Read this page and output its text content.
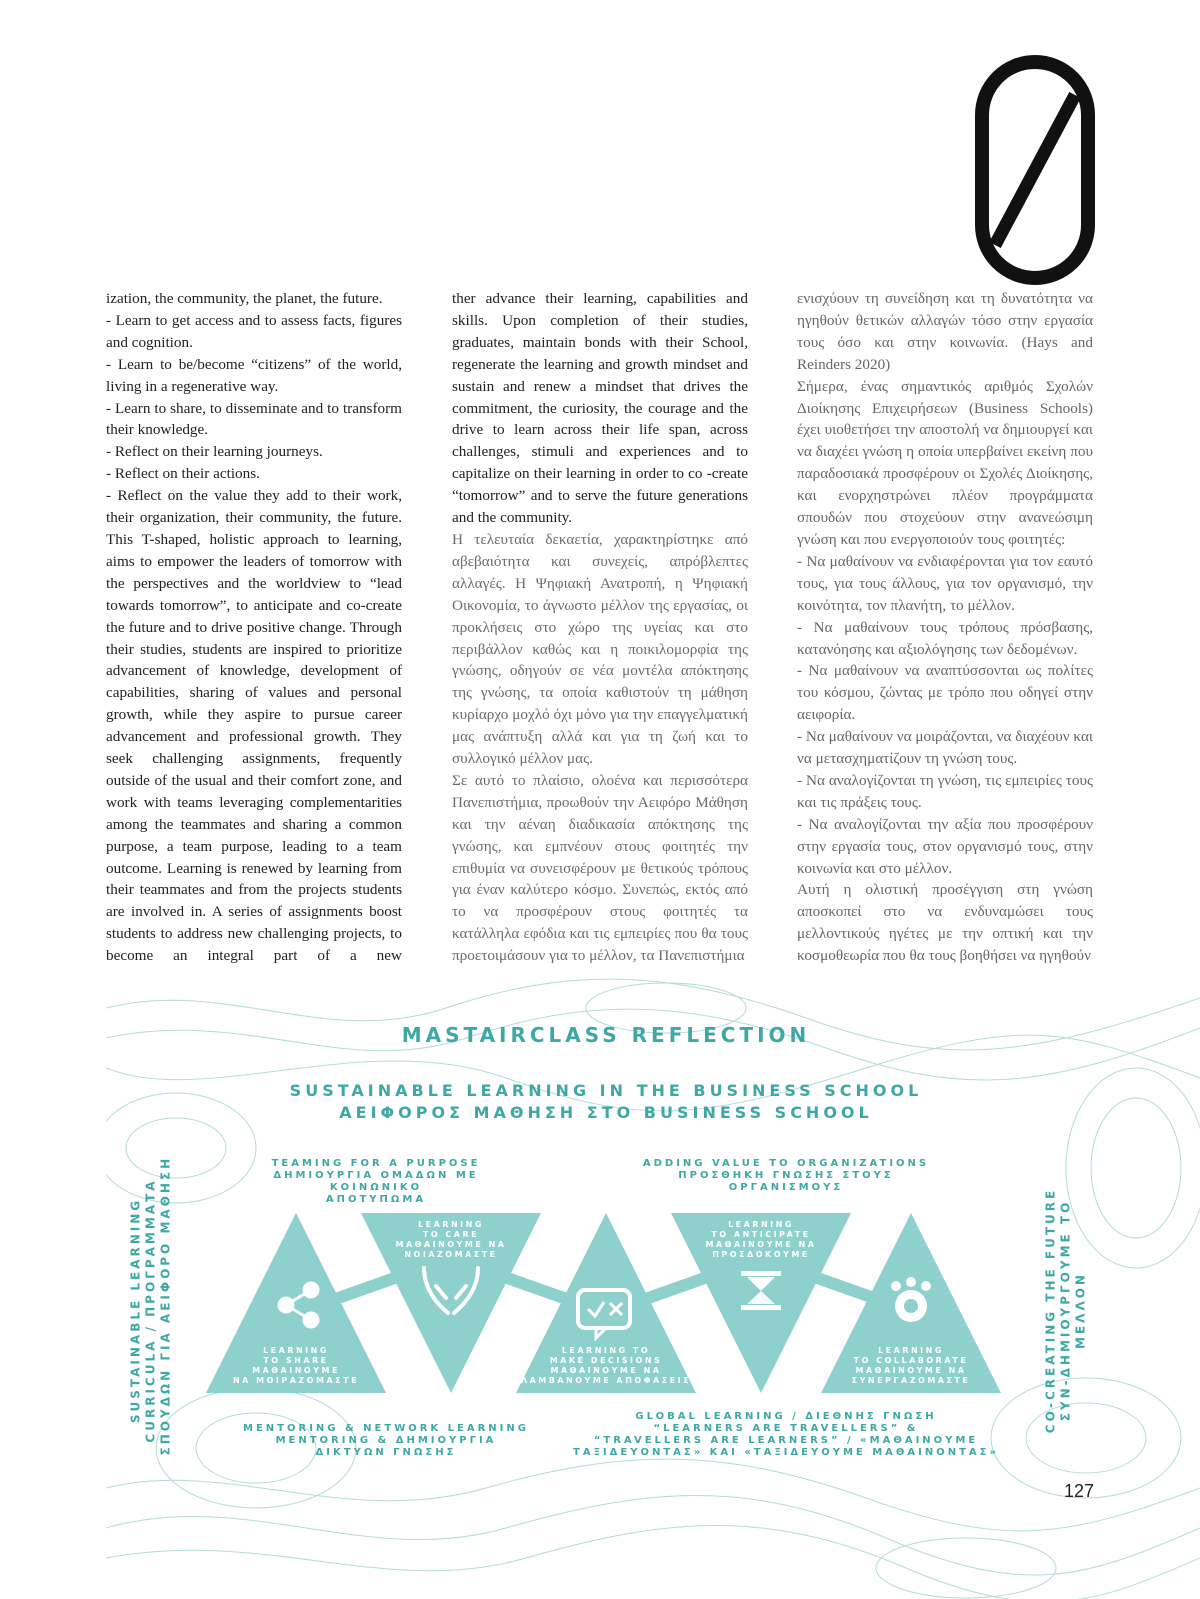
ization, the community, the planet, the future.

- Learn to get access and to assess facts, figures and cognition.

- Learn to be/become “citizens” of the world, living in a regenerative way.

- Learn to share, to disseminate and to transform their knowledge.

- Reflect on their learning journeys.

- Reflect on their actions.

- Reflect on the value they add to their work, their organization, their community, the future. This T-shaped, holistic approach to learning, aims to empower the leaders of tomorrow with the perspectives and the worldview to “lead towards tomorrow”, to anticipate and co-create the future and to drive positive change. Through their studies, students are inspired to prioritize advancement of knowledge, development of capabilities, sharing of values and personal growth, while they aspire to pursue career advancement and professional growth. They seek challenging assignments, frequently outside of the usual and their comfort zone, and work with teams leveraging complementarities among the teammates and sharing a common purpose, a team purpose, leading to a team outcome. Learning is renewed by learning from their teammates and from the projects students are involved in. A series of assignments boost students to address new challenging projects, to become an integral part of a new

ther advance their learning, capabilities and skills. Upon completion of their studies, graduates, maintain bonds with their School, regenerate the learning and growth mindset and sustain and renew a mindset that drives the commitment, the curiosity, the courage and the drive to learn across their life span, across challenges, stimuli and experiences and to capitalize on their learning in order to co -create “tomorrow” and to serve the future generations and the community.

Η τελευταία δεκαετία, χαρακτηρίστηκε από αβεβαιότητα και συνεχείς, απρόβλεπτες αλλαγές. Η Ψηφιακή Ανατροπή, η Ψηφιακή Οικονομία, το άγνωστο μέλλον της εργασίας, οι προκλήσεις στο χώρο της υγείας και στο περιβάλλον καθώς και η ποικιλομορφία της γνώσης, οδηγούν σε νέα μοντέλα απόκτησης της γνώσης, τα οποία καθιστούν τη μάθηση κυρίαρχο μοχλό όχι μόνο για την επαγγελματική μας ανάπτυξη αλλά και για τη ζωή και το συλλογικό μέλλον μας.

Σε αυτό το πλαίσιο, ολοένα και περισσότερα Πανεπιστήμια, προωθούν την Αειφόρο Μάθηση και την αέναη διαδικασία απόκτησης της γνώσης, και εμπνέουν στους φοιτητές την επιθυμία να συνεισφέρουν με θετικούς τρόπους για έναν καλύτερο κόσμο. Συνεπώς, εκτός από το να προσφέρουν στους φοιτητές τα κατάλληλα εφόδια και τις εμπειρίες που θα τους προετοιμάσουν για το μέλλον, τα Πανεπιστήμια

ενισχύουν τη συνείδηση και τη δυνατότητα να ηγηθούν θετικών αλλαγών τόσο στην εργασία τους όσο και στην κοινωνία. (Hays and Reinders 2020)

Σήμερα, ένας σημαντικός αριθμός Σχολών Διοίκησης Επιχειρήσεων (Business Schools) έχει υιοθετήσει την αποστολή να δημιουργεί και να διαχέει γνώση η οποία υπερβαίνει εκείνη που παραδοσιακά προσφέρουν οι Σχολές Διοίκησης, και ενορχηστρώνει πλέον προγράμματα σπουδών που στοχεύουν στην ανανεώσιμη γνώση και που ενεργοποιούν τους φοιτητές:

- Να μαθαίνουν να ενδιαφέρονται για τον εαυτό τους, για τους άλλους, για τον οργανισμό, την κοινότητα, τον πλανήτη, το μέλλον.

- Να μαθαίνουν τους τρόπους πρόσβασης, κατανόησης και αξιολόγησης των δεδομένων.

- Να μαθαίνουν να αναπτύσσονται ως πολίτες του κόσμου, ζώντας με τρόπο που οδηγεί στην αειφορία.

- Να μαθαίνουν να μοιράζονται, να διαχέουν και να μετασχηματίζουν τη γνώση τους.

- Να αναλογίζονται τη γνώση, τις εμπειρίες τους και τις πράξεις τους.

- Να αναλογίζονται την αξία που προσφέρουν στην εργασία τους, στον οργανισμό τους, στην κοινωνία και στο μέλλον.

Αυτή η ολιστική προσέγγιση στη γνώση αποσκοπεί στο να ενδυναμώσει τους μελλοντικούς ηγέτες με την οπτική και την κοσμοθεωρία που θα τους βοηθήσει να ηγηθούν

MASTAIRCLASS REFLECTION
SUSTAINABLE LEARNING IN THE BUSINESS SCHOOL
ΑΕΙΦΟΡΟΣ ΜΑΘΗΣΗ ΣΤΟ BUSINESS SCHOOL
SUSTAINABLE LEARNING CURRICULA / ΠΡΟΓΡΑΜΜΑΤΑ ΣΠΟΥΔΩΝ ΓΙΑ ΑΕΙΦΟΡΟ ΜΑΘΗΣΗ	CO-CREATING THE FUTURE ΣΥΝ-ΔΗΜΙΟΥΡΓΟΥΜΕ ΤΟ ΜΕΛΛΟΝ
TEAMING FOR A PURPOSE
ΔΗΜΙΟΥΡΓΙΑ ΟΜΑΔΩΝ ΜΕ ΚΟΙΝΩΝΙΚΟ
ΑΠΟΤΥΠΩΜΑ
ADDING VALUE TO ORGANIZATIONS
ΠΡΟΣΘΗΚΗ ΓΝΩΣΗΣ ΣΤΟΥΣ
ΟΡΓΑΝΙΣΜΟΥΣ
LEARNING
TO SHARE
ΜΑΘΑΙΝΟΥΜΕ
ΝΑ ΜΟΙΡΑΖΟΜΑΣΤΕ
LEARNING
TO CARE
ΜΑΘΑΙΝΟΥΜΕ ΝΑ
ΝΟΙΑΖΟΜΑΣΤΕ
LEARNING TO
MAKE DECISIONS
ΜΑΘΑΙΝΟΥΜΕ ΝΑ
ΛΑΜΒΑΝΟΥΜΕ ΑΠΟΦΑΣΕΙΣ
LEARNING
TO ANTICIPATE
ΜΑΘΑΙΝΟΥΜΕ ΝΑ
ΠΡΟΣΔΟΚΟΥΜΕ
LEARNING
TO COLLABORATE
ΜΑΘΑΙΝΟΥΜΕ ΝΑ
ΣΥΝΕΡΓΑΖΟΜΑΣΤΕ
MENTORING & NETWORK LEARNING
MENTORING & ΔΗΜΙΟΥΡΓΙΑ
ΔΙΚΤΥΩΝ ΓΝΩΣΗΣ
GLOBAL LEARNING / ΔΙΕΘΝΗΣ ΓΝΩΣΗ
“LEARNERS ARE TRAVELLERS” &
“TRAVELLERS ARE LEARNERS” / «ΜΑΘΑΙΝΟΥΜΕ
ΤΑΞΙΔΕΥΟΝΤΑΣ» ΚΑΙ «ΤΑΞΙΔΕΥΟΥΜΕ ΜΑΘΑΙΝΟΝΤΑΣ»
127
